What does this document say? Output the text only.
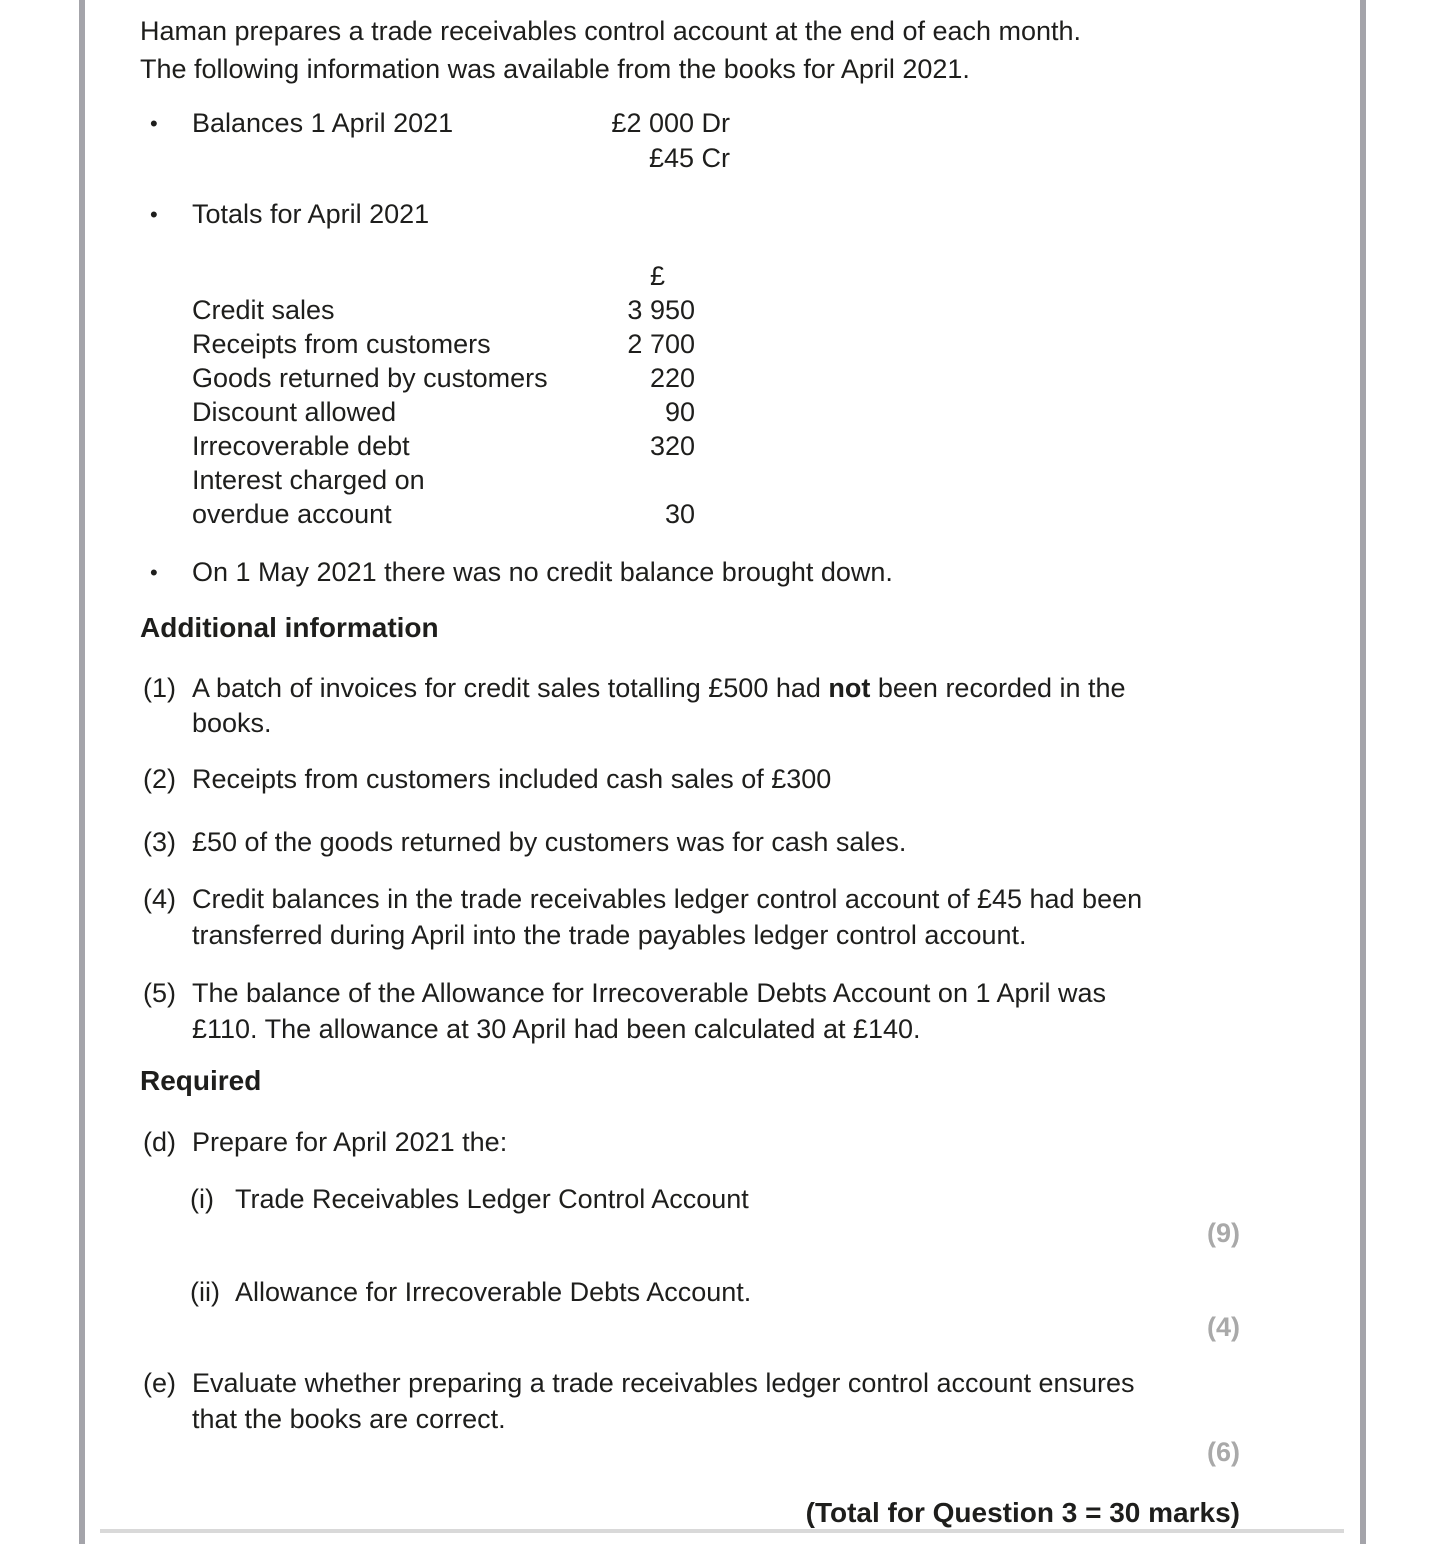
Haman prepares a trade receivables control account at the end of each month.
The following information was available from the books for April 2021.
•	Balances 1 April 2021	£2 000 Dr
£45 Cr
•	Totals for April 2021
£
Credit sales	3 950
Receipts from customers	2 700
Goods returned by customers	220
Discount allowed	90
Irrecoverable debt	320
Interest charged on
overdue account	30
•	On 1 May 2021 there was no credit balance brought down.
Additional information
(1) A batch of invoices for credit sales totalling £500 had not been recorded in the
books.
(2) Receipts from customers included cash sales of £300
(3) £50 of the goods returned by customers was for cash sales.
(4) Credit balances in the trade receivables ledger control account of £45 had been
transferred during April into the trade payables ledger control account.
(5) The balance of the Allowance for Irrecoverable Debts Account on 1 April was
£110. The allowance at 30 April had been calculated at £140.
Required
(d) Prepare for April 2021 the:
(i) Trade Receivables Ledger Control Account
(9)
(ii) Allowance for Irrecoverable Debts Account.
(4)
(e) Evaluate whether preparing a trade receivables ledger control account ensures
that the books are correct.
(6)
(Total for Question 3 = 30 marks)
